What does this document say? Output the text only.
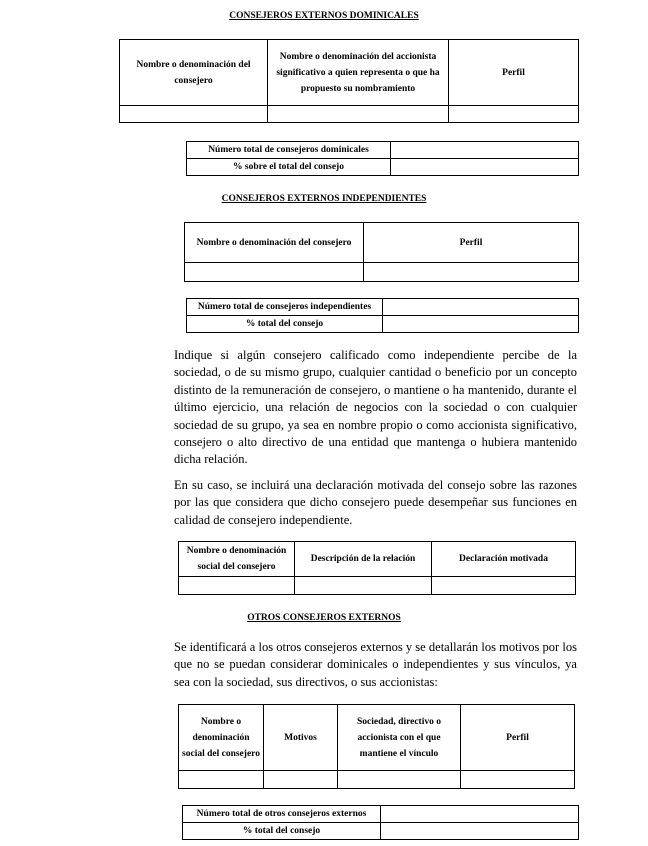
CONSEJEROS EXTERNOS DOMINICALES
Nombre o denominación del consejero	Nombre o denominación del accionista significativo a quien representa o que ha propuesto su nombramiento	Perfil

Número total de consejeros dominicales	
% sobre el total del consejo	
CONSEJEROS EXTERNOS INDEPENDIENTES
Nombre o denominación del consejero	Perfil

Número total de consejeros independientes	
% total del consejo	

Indique si algún consejero calificado como independiente percibe de la sociedad, o de su mismo grupo, cualquier cantidad o beneficio por un concepto distinto de la remuneración de consejero, o mantiene o ha mantenido, durante el último ejercicio, una relación de negocios con la sociedad o con cualquier sociedad de su grupo, ya sea en nombre propio o como accionista significativo, consejero o alto directivo de una entidad que mantenga o hubiera mantenido dicha relación.

En su caso, se incluirá una declaración motivada del consejo sobre las razones por las que considera que dicho consejero puede desempeñar sus funciones en calidad de consejero independiente.

Nombre o denominación social del consejero	Descripción de la relación	Declaración motivada

OTROS CONSEJEROS EXTERNOS

Se identificará a los otros consejeros externos y se detallarán los motivos por los que no se puedan considerar dominicales o independientes y sus vínculos, ya sea con la sociedad, sus directivos, o sus accionistas:

Nombre o denominación social del consejero	Motivos	Sociedad, directivo o accionista con el que mantiene el vínculo	Perfil

Número total de otros consejeros externos	
% total del consejo	
